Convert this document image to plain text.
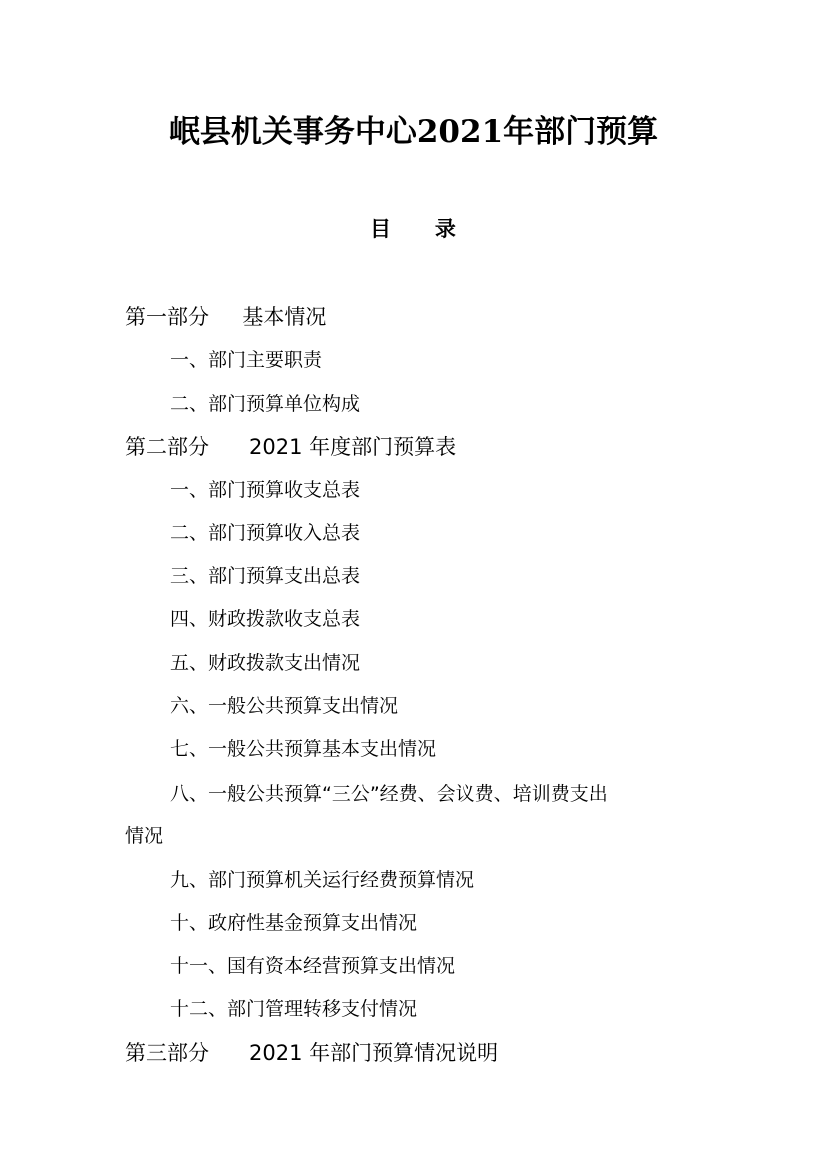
岷县机关事务中心2021年部门预算
目      录
第一部分     基本情况
一、部门主要职责
二、部门预算单位构成
第二部分      2021 年度部门预算表
一、部门预算收支总表
二、部门预算收入总表
三、部门预算支出总表
四、财政拨款收支总表
五、财政拨款支出情况
六、一般公共预算支出情况
七、一般公共预算基本支出情况
八、一般公共预算“三公”经费、会议费、培训费支出
情况
九、部门预算机关运行经费预算情况
十、政府性基金预算支出情况
十一、国有资本经营预算支出情况
十二、部门管理转移支付情况
第三部分      2021 年部门预算情况说明
